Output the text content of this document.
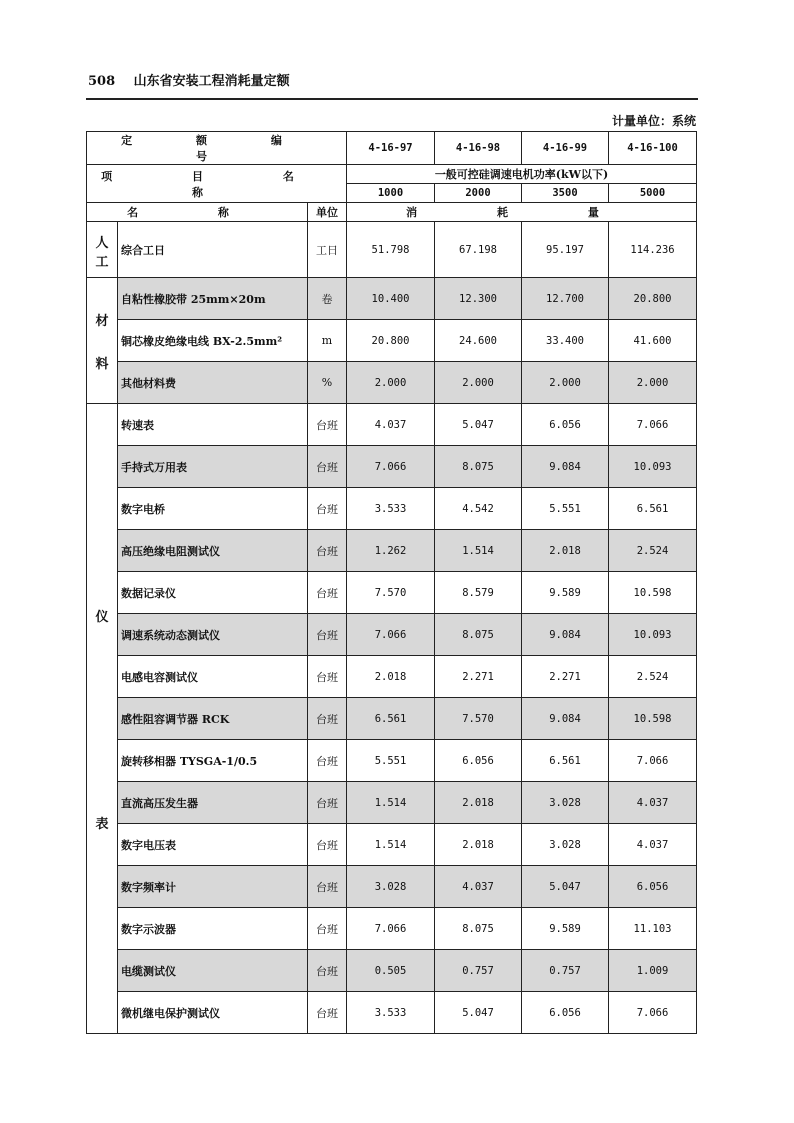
508 山东省安装工程消耗量定额
计量单位：系统
定 额 编 号			4-16-97	4-16-98	4-16-99	4-16-100
项 目 名 称			一般可控硅调速电机功率(kW以下)			
			1000	2000	3500	5000
名 称		单位	消 耗 量			

人
工	综合工日	工日	51.798	67.198	95.197	114.236

材
料	自粘性橡胶带 25mm×20m	卷	10.400	12.300	12.700	20.800
	铜芯橡皮绝缘电线 BX-2.5mm²	m	20.800	24.600	33.400	41.600
	其他材料费	%	2.000	2.000	2.000	2.000

仪
表	转速表	台班	4.037	5.047	6.056	7.066
	手持式万用表	台班	7.066	8.075	9.084	10.093
	数字电桥	台班	3.533	4.542	5.551	6.561
	高压绝缘电阻测试仪	台班	1.262	1.514	2.018	2.524
	数据记录仪	台班	7.570	8.579	9.589	10.598
	调速系统动态测试仪	台班	7.066	8.075	9.084	10.093
	电感电容测试仪	台班	2.018	2.271	2.271	2.524
	感性阻容调节器 RCK	台班	6.561	7.570	9.084	10.598
	旋转移相器 TYSGA-1/0.5	台班	5.551	6.056	6.561	7.066
	直流高压发生器	台班	1.514	2.018	3.028	4.037
	数字电压表	台班	1.514	2.018	3.028	4.037
	数字频率计	台班	3.028	4.037	5.047	6.056
	数字示波器	台班	7.066	8.075	9.589	11.103
	电缆测试仪	台班	0.505	0.757	0.757	1.009
	微机继电保护测试仪	台班	3.533	5.047	6.056	7.066
